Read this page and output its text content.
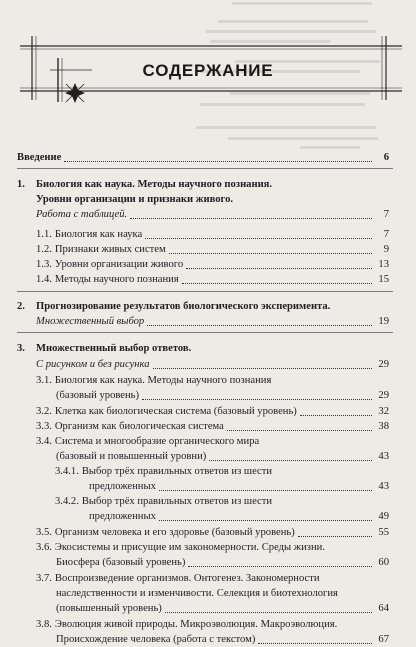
СОДЕРЖАНИЕ
Введение	6
1.	Биология как наука. Методы научного познания.
Уровни организации и признаки живого.
Работа с таблицей.	7
1.1. Биология как наука	7
1.2. Признаки живых систем	9
1.3. Уровни организации живого	13
1.4. Методы научного познания	15
2.	Прогнозирование результатов биологического эксперимента.
Множественный выбор	19
3.	Множественный выбор ответов.
С рисунком и без рисунка	29
3.1. Биология как наука. Методы научного познания
(базовый уровень)	29
3.2. Клетка как биологическая система (базовый уровень)	32
3.3. Организм как биологическая система	38
3.4. Система и многообразие органического мира
(базовый и повышенный уровни)	43
3.4.1. Выбор трёх правильных ответов из шести
предложенных	43
3.4.2. Выбор трёх правильных ответов из шести
предложенных	49
3.5. Организм человека и его здоровье (базовый уровень)	55
3.6. Экосистемы и присущие им закономерности. Среды жизни.
Биосфера (базовый уровень)	60
3.7. Воспроизведение организмов. Онтогенез. Закономерности
наследственности и изменчивости. Селекция и биотехнология
(повышенный уровень)	64
3.8. Эволюция живой природы. Микроэволюция. Макроэволюция.
Происхождение человека (работа с текстом)	67
